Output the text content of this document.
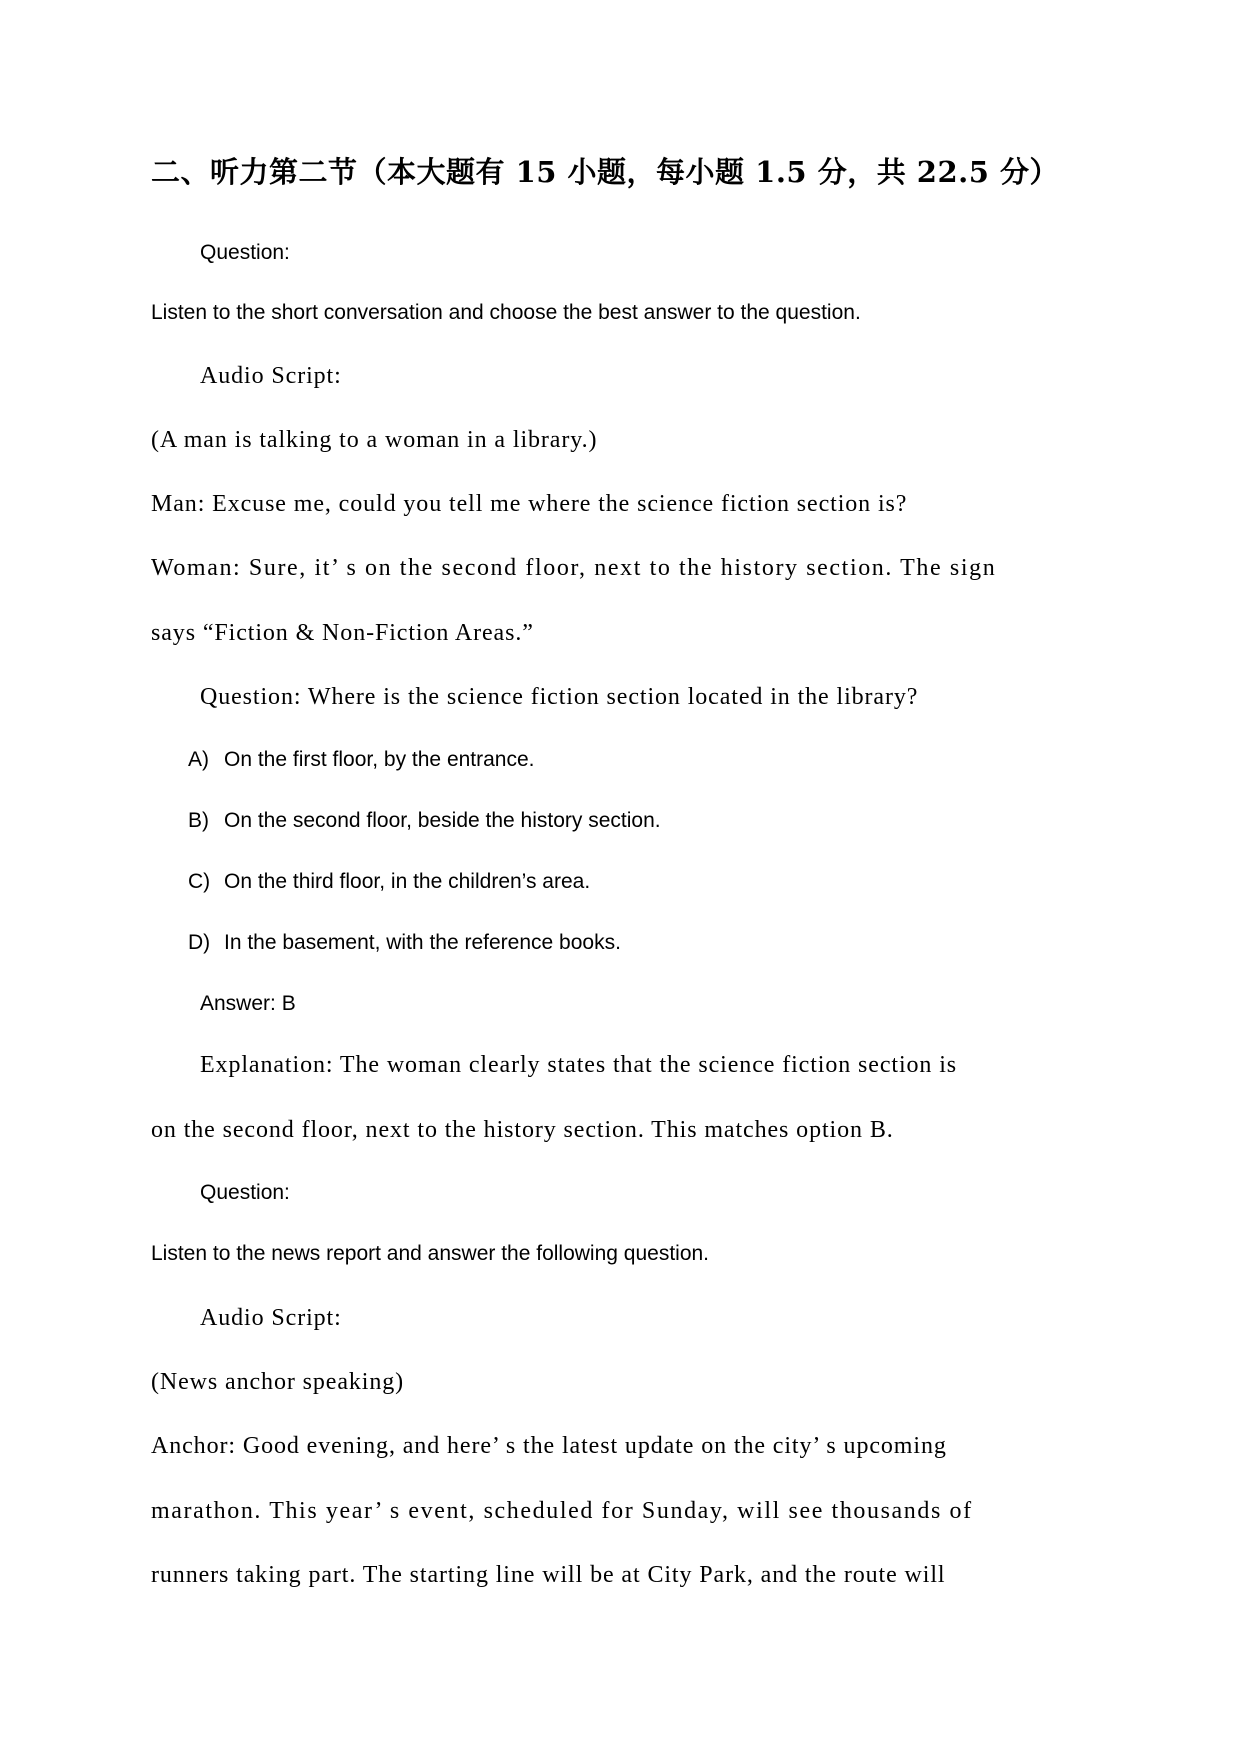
二、听力第二节（本大题有 15 小题，每小题 1.5 分，共 22.5 分）
Question:
Listen to the short conversation and choose the best answer to the question.
Audio Script:
(A man is talking to a woman in a library.)
Man: Excuse me, could you tell me where the science fiction section is?
Woman: Sure, it’ s on the second floor, next to the history section. The sign
says “Fiction & Non-Fiction Areas.”
Question: Where is the science fiction section located in the library?
A) On the first floor, by the entrance.
B) On the second floor, beside the history section.
C) On the third floor, in the children’s area.
D) In the basement, with the reference books.
Answer: B
Explanation: The woman clearly states that the science fiction section is
on the second floor, next to the history section. This matches option B.
Question:
Listen to the news report and answer the following question.
Audio Script:
(News anchor speaking)
Anchor: Good evening, and here’ s the latest update on the city’ s upcoming
marathon. This year’ s event, scheduled for Sunday, will see thousands of
runners taking part. The starting line will be at City Park, and the route will
